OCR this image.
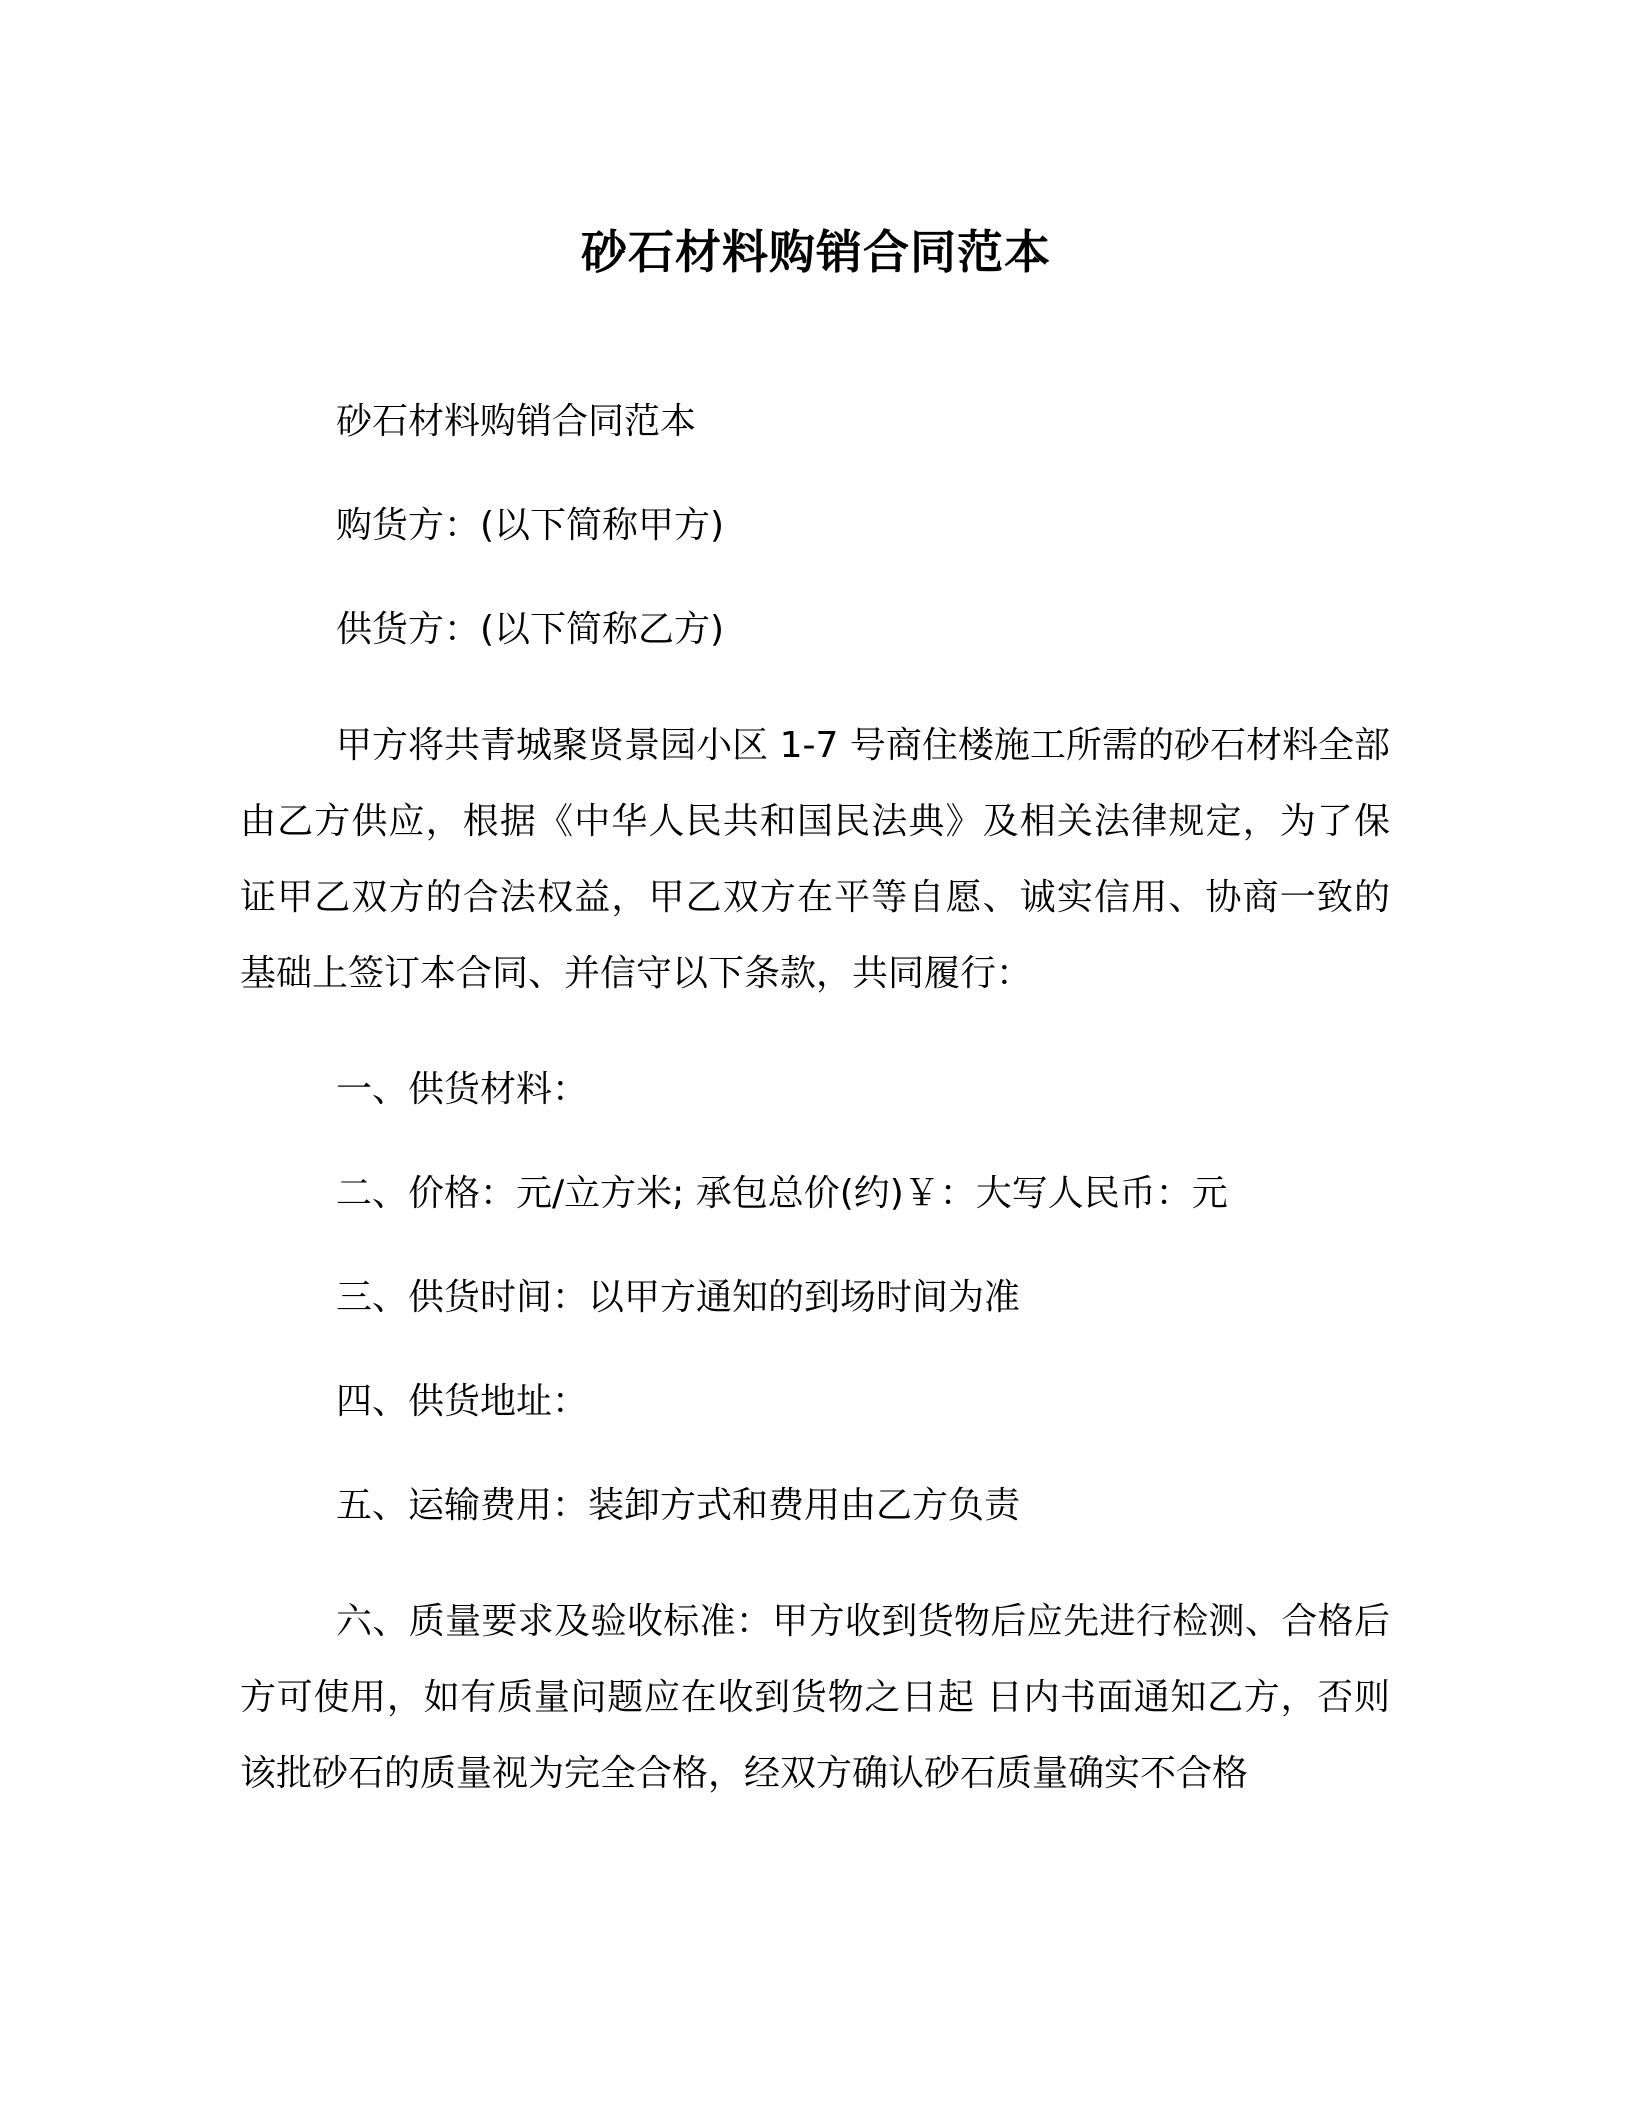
砂石材料购销合同范本

砂石材料购销合同范本

购货方：(以下简称甲方)

供货方：(以下简称乙方)

甲方将共青城聚贤景园小区 1-7 号商住楼施工所需的砂石材料全部由乙方供应，根据《中华人民共和国民法典》及相关法律规定，为了保证甲乙双方的合法权益，甲乙双方在平等自愿、诚实信用、协商一致的基础上签订本合同、并信守以下条款，共同履行：

一、供货材料：

二、价格：元/立方米; 承包总价(约)￥：大写人民币：元

三、供货时间：以甲方通知的到场时间为准

四、供货地址：

五、运输费用：装卸方式和费用由乙方负责

六、质量要求及验收标准：甲方收到货物后应先进行检测、合格后方可使用，如有质量问题应在收到货物之日起 日内书面通知乙方，否则该批砂石的质量视为完全合格，经双方确认砂石质量确实不合格
